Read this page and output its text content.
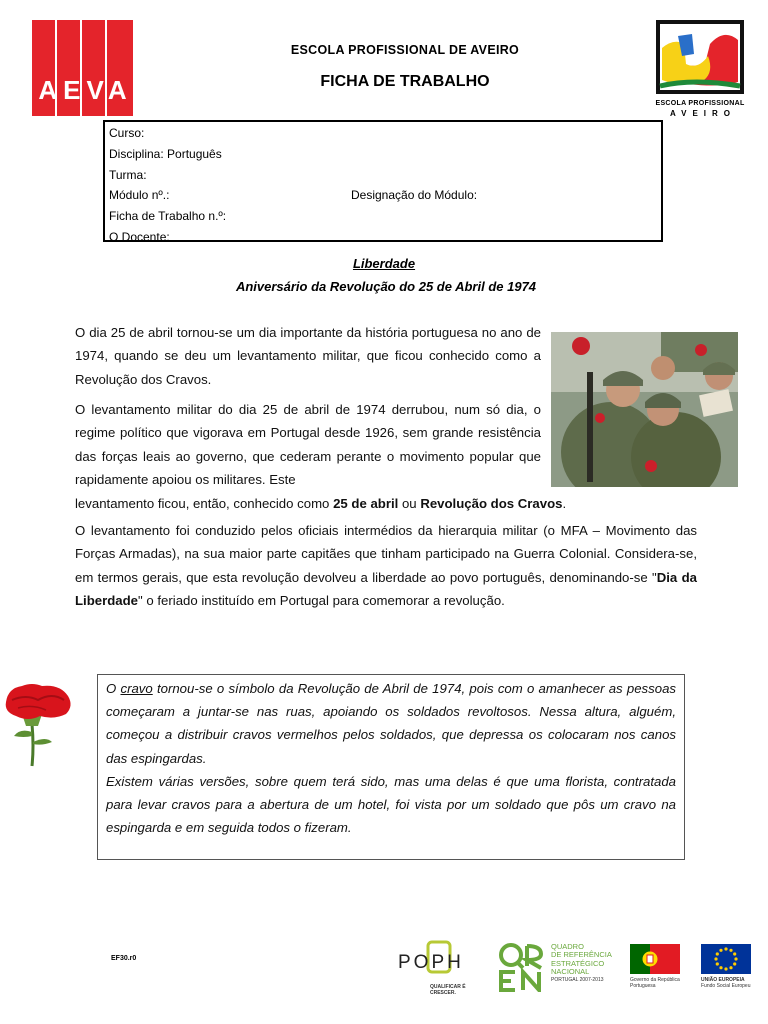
AEVA
ESCOLA PROFISSIONAL DE AVEIRO
FICHA DE TRABALHO
ESCOLA PROFISSIONAL
AVEIRO
Curso:
Disciplina: Português
Turma:
Módulo nº.:	Designação do Módulo:
Ficha de Trabalho n.º:
O Docente:
Liberdade
Aniversário da Revolução do 25 de Abril de 1974

O dia 25 de abril tornou-se um dia importante da história portuguesa no ano de 1974, quando se deu um levantamento militar, que ficou conhecido como a Revolução dos Cravos.

O levantamento militar do dia 25 de abril de 1974 derrubou, num só dia, o regime político que vigorava em Portugal desde 1926, sem grande resistência das forças leais ao governo, que cederam perante o movimento popular que rapidamente apoiou os militares. Este
levantamento ficou, então, conhecido como 25 de abril ou Revolução dos Cravos.

O levantamento foi conduzido pelos oficiais intermédios da hierarquia militar (o MFA – Movimento das Forças Armadas), na sua maior parte capitães que tinham participado na Guerra Colonial. Considera-se, em termos gerais, que esta revolução devolveu a liberdade ao povo português, denominando-se "Dia da Liberdade" o feriado instituído em Portugal para comemorar a revolução.

O cravo tornou-se o símbolo da Revolução de Abril de 1974, pois com o amanhecer as pessoas começaram a juntar-se nas ruas, apoiando os soldados revoltosos. Nessa altura, alguém, começou a distribuir cravos vermelhos pelos soldados, que depressa os colocaram nos canos das espingardas.

Existem várias versões, sobre quem terá sido, mas uma delas é que uma florista, contratada para levar cravos para a abertura de um hotel, foi vista por um soldado que pôs um cravo na espingarda e em seguida todos o fizeram.

EF30.r0	POPH
QUALIFICAR É CRESCER.
QUADRO
DE REFERÊNCIA
ESTRATÉGICO
NACIONAL
PORTUGAL 2007-2013	Governo da República
Portuguesa
UNIÃO EUROPEIA
Fundo Social Europeu
